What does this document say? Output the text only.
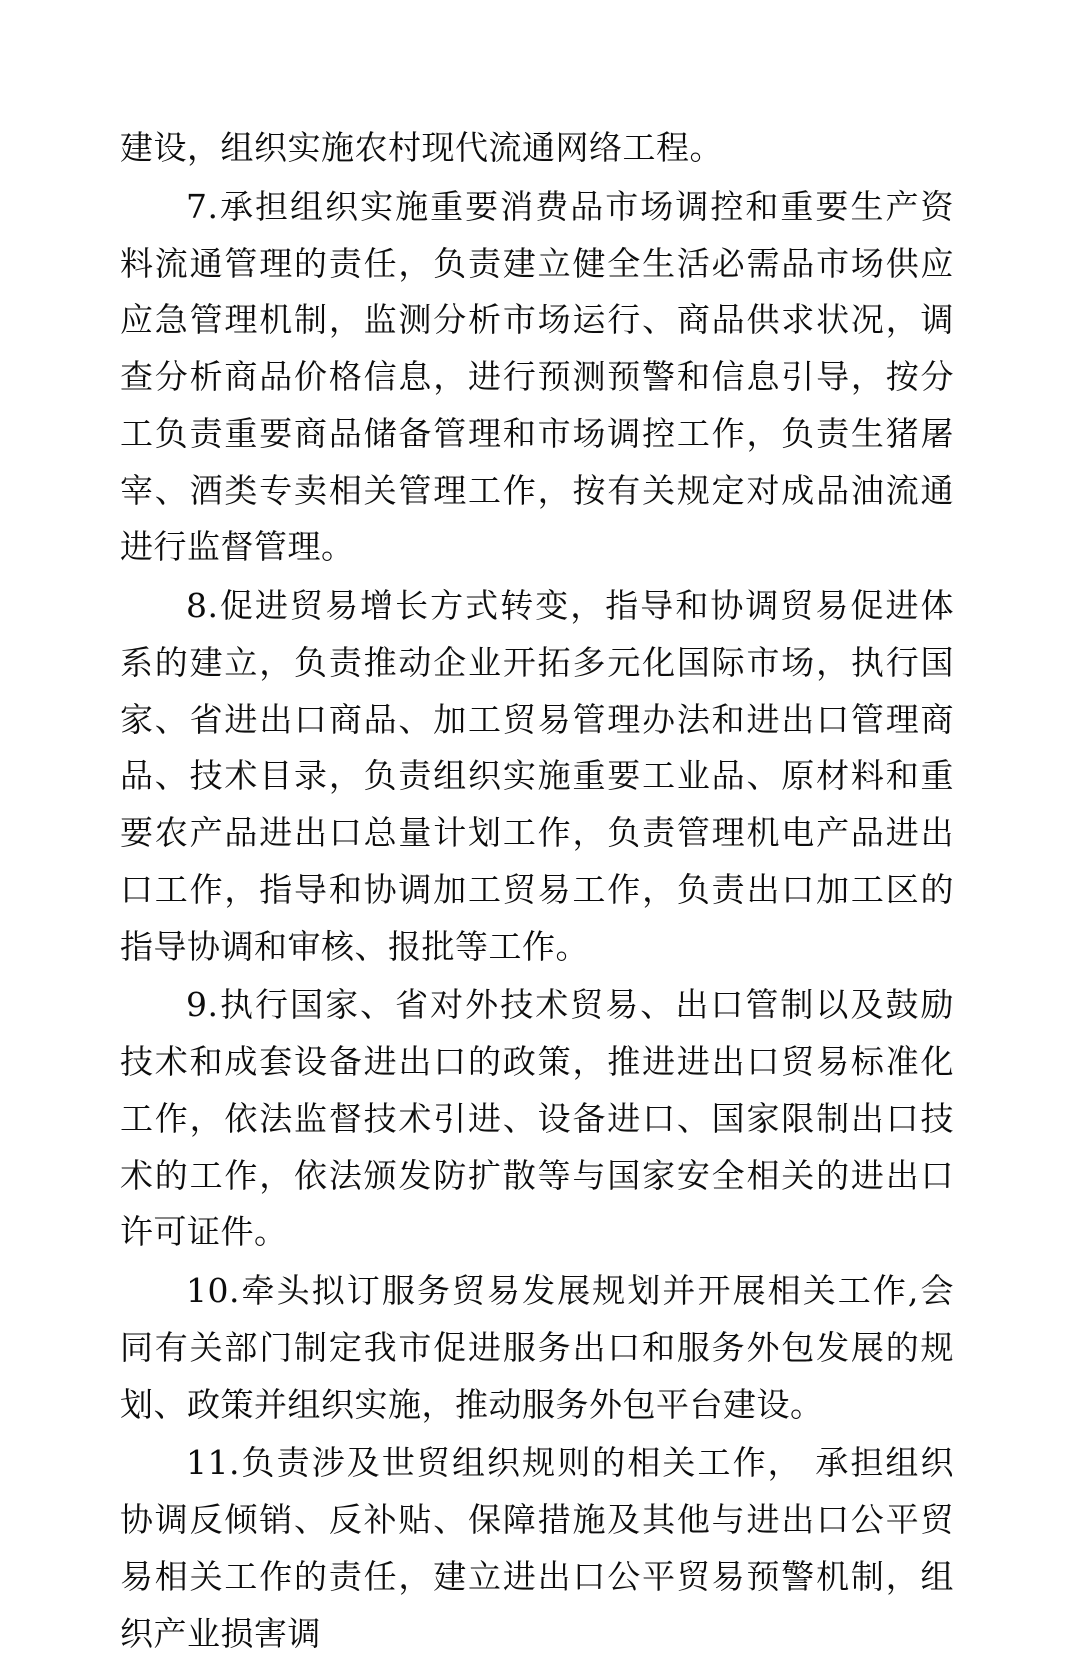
建设，组织实施农村现代流通网络工程。

7.承担组织实施重要消费品市场调控和重要生产资料流通管理的责任，负责建立健全生活必需品市场供应应急管理机制，监测分析市场运行、商品供求状况，调查分析商品价格信息，进行预测预警和信息引导，按分工负责重要商品储备管理和市场调控工作，负责生猪屠宰、酒类专卖相关管理工作，按有关规定对成品油流通进行监督管理。

8.促进贸易增长方式转变，指导和协调贸易促进体系的建立，负责推动企业开拓多元化国际市场，执行国家、省进出口商品、加工贸易管理办法和进出口管理商品、技术目录，负责组织实施重要工业品、原材料和重要农产品进出口总量计划工作，负责管理机电产品进出口工作，指导和协调加工贸易工作，负责出口加工区的指导协调和审核、报批等工作。

9.执行国家、省对外技术贸易、出口管制以及鼓励技术和成套设备进出口的政策，推进进出口贸易标准化工作，依法监督技术引进、设备进口、国家限制出口技术的工作，依法颁发防扩散等与国家安全相关的进出口许可证件。

10.牵头拟订服务贸易发展规划并开展相关工作,会同有关部门制定我市促进服务出口和服务外包发展的规划、政策并组织实施，推动服务外包平台建设。

11.负责涉及世贸组织规则的相关工作， 承担组织协调反倾销、反补贴、保障措施及其他与进出口公平贸易相关工作的责任，建立进出口公平贸易预警机制，组织产业损害调
